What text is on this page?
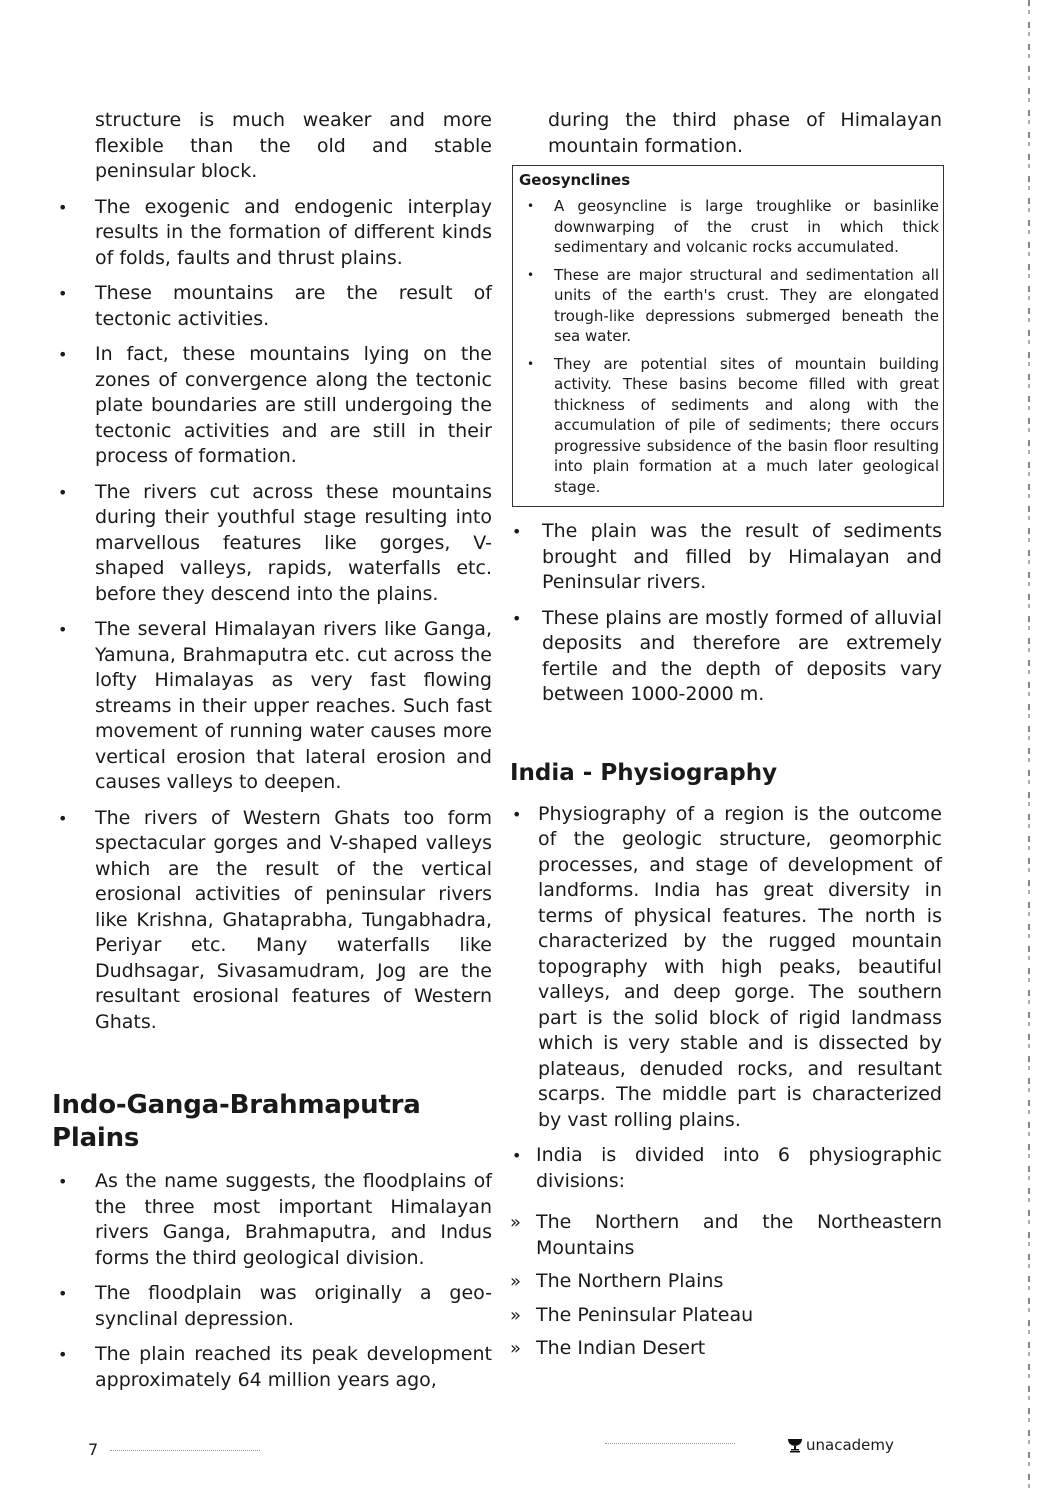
structure is much weaker and more flexible than the old and stable peninsular block.

• The exogenic and endogenic interplay results in the formation of different kinds of folds, faults and thrust plains.
• These mountains are the result of tectonic activities.
• In fact, these mountains lying on the zones of convergence along the tectonic plate boundaries are still undergoing the tectonic activities and are still in their process of formation.
• The rivers cut across these mountains during their youthful stage resulting into marvellous features like gorges, V-shaped valleys, rapids, waterfalls etc. before they descend into the plains.
• The several Himalayan rivers like Ganga, Yamuna, Brahmaputra etc. cut across the lofty Himalayas as very fast flowing streams in their upper reaches. Such fast movement of running water causes more vertical erosion that lateral erosion and causes valleys to deepen.
• The rivers of Western Ghats too form spectacular gorges and V-shaped valleys which are the result of the vertical erosional activities of peninsular rivers like Krishna, Ghataprabha, Tungabhadra, Periyar etc. Many waterfalls like Dudhsagar, Sivasamudram, Jog are the resultant erosional features of Western Ghats.
Indo-Ganga-Brahmaputra Plains
• As the name suggests, the floodplains of the three most important Himalayan rivers Ganga, Brahmaputra, and Indus forms the third geological division.
• The floodplain was originally a geo-synclinal depression.
• The plain reached its peak development approximately 64 million years ago,

during the third phase of Himalayan mountain formation.

Geosynclines
• A geosyncline is large troughlike or basinlike downwarping of the crust in which thick sedimentary and volcanic rocks accumulated.
• These are major structural and sedimentation all units of the earth's crust. They are elongated trough-like depressions submerged beneath the sea water.
• They are potential sites of mountain building activity. These basins become filled with great thickness of sediments and along with the accumulation of pile of sediments; there occurs progressive subsidence of the basin floor resulting into plain formation at a much later geological stage.
• The plain was the result of sediments brought and filled by Himalayan and Peninsular rivers.
• These plains are mostly formed of alluvial deposits and therefore are extremely fertile and the depth of deposits vary between 1000-2000 m.
India - Physiography
• Physiography of a region is the outcome of the geologic structure, geomorphic processes, and stage of development of landforms. India has great diversity in terms of physical features. The north is characterized by the rugged mountain topography with high peaks, beautiful valleys, and deep gorge. The southern part is the solid block of rigid landmass which is very stable and is dissected by plateaus, denuded rocks, and resultant scarps. The middle part is characterized by vast rolling plains.
• India is divided into 6 physiographic divisions:
» The Northern and the Northeastern Mountains
» The Northern Plains
» The Peninsular Plateau
» The Indian Desert
7	unacademy
